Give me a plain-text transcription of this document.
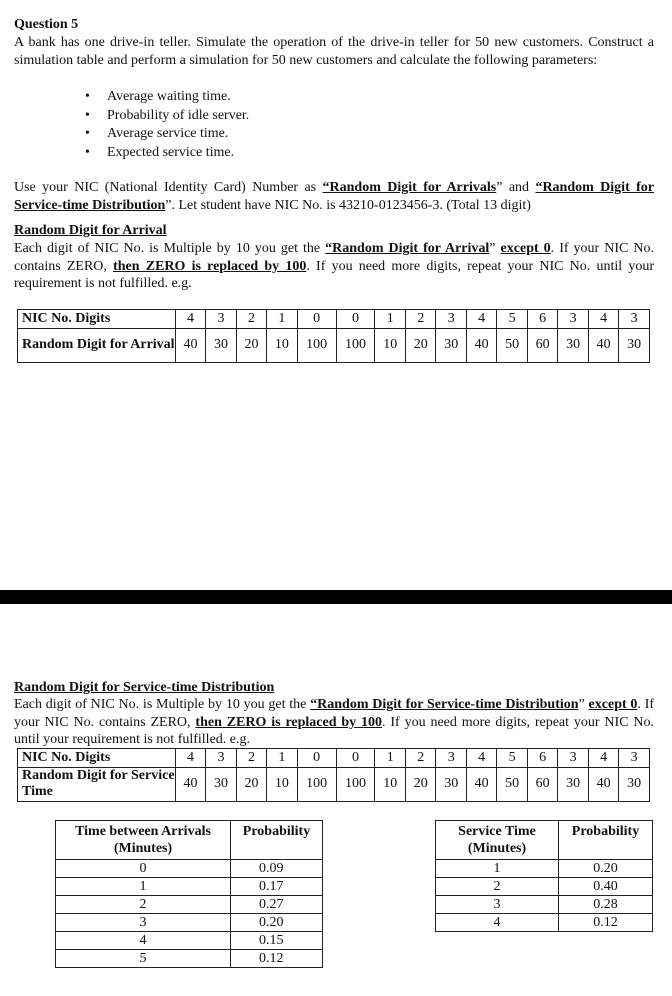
Question 5
A bank has one drive-in teller. Simulate the operation of the drive-in teller for 50 new customers. Construct a simulation table and perform a simulation for 50 new customers and calculate the following parameters:
• Average waiting time.
• Probability of idle server.
• Average service time.
• Expected service time.
Use your NIC (National Identity Card) Number as “Random Digit for Arrivals” and “Random Digit for Service-time Distribution”. Let student have NIC No. is 43210-0123456-3. (Total 13 digit)
Random Digit for Arrival
Each digit of NIC No. is Multiple by 10 you get the “Random Digit for Arrival” except 0. If your NIC No. contains ZERO, then ZERO is replaced by 100. If you need more digits, repeat your NIC No. until your requirement is not fulfilled. e.g.
NIC No. Digits	4	3	2	1	0	0	1	2	3	4	5	6	3	4	3
Random Digit for Arrival	40	30	20	10	100	100	10	20	30	40	50	60	30	40	30
Random Digit for Service-time Distribution
Each digit of NIC No. is Multiple by 10 you get the “Random Digit for Service-time Distribution” except 0. If your NIC No. contains ZERO, then ZERO is replaced by 100. If you need more digits, repeat your NIC No. until your requirement is not fulfilled. e.g.
NIC No. Digits	4	3	2	1	0	0	1	2	3	4	5	6	3	4	3
Random Digit for Service Time	40	30	20	10	100	100	10	20	30	40	50	60	30	40	30
Time between Arrivals (Minutes)	Probability
0	0.09
1	0.17
2	0.27
3	0.20
4	0.15
5	0.12
Service Time (Minutes)	Probability
1	0.20
2	0.40
3	0.28
4	0.12
